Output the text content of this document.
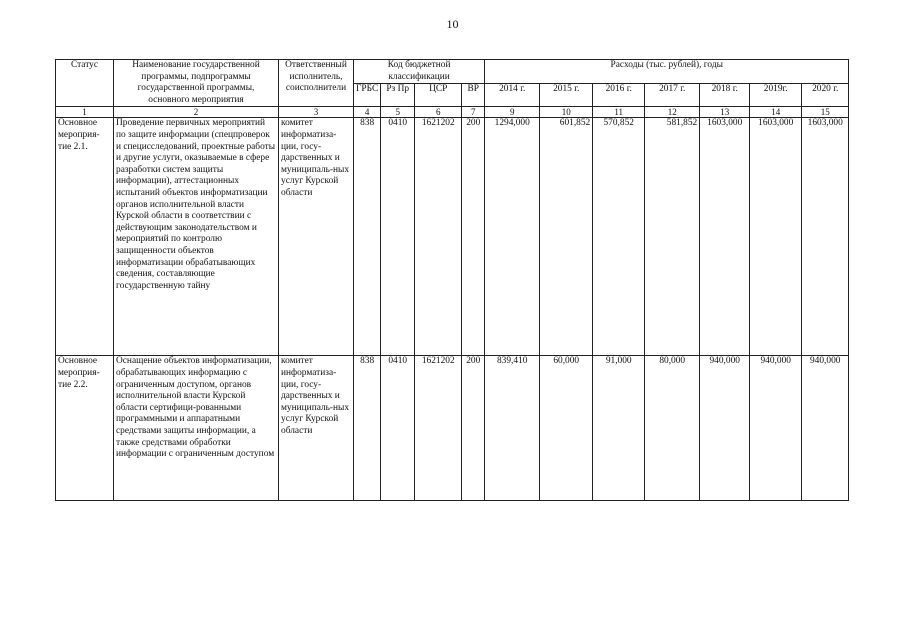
10
Статус	Наименование государственной программы, подпрограммы государственной программы, основного мероприятия	Ответственный исполнитель, соисполнители	Код бюджетной классификации				Расходы (тыс. рублей), годы						
			ГРБС	Рз Пр	ЦСР	ВР	2014 г.	2015 г.	2016 г.	2017 г.	2018 г.	2019г.	2020 г.
1	2	3	4	5	6	7	9	10	11	12	13	14	15
Основное мероприя-тие 2.1.	Проведение первичных мероприятий по защите информации (спецпроверок и специсследований, проектные работы и другие услуги, оказываемые в сфере разработки систем защиты информации), аттестационных испытаний объектов информатизации органов исполнительной власти Курской области в соответствии с действующим законодательством и мероприятий по контролю защищенности объектов информатизации обрабатывающих сведения, составляющие государственную тайну	комитет информатиза-ции, госу-дарственных и муниципаль-ных услуг Курской области	838	0410	1621202	200	1294,000	601,852	570,852	581,852	1603,000	1603,000	1603,000
Основное мероприя-тие 2.2.	Оснащение объектов информатизации, обрабатывающих информацию с ограниченным доступом, органов исполнительной власти Курской области сертифици-рованными программными и аппаратными средствами защиты информации, а также средствами обработки информации с ограниченным доступом	комитет информатиза-ции, госу-дарственных и муниципаль-ных услуг Курской области	838	0410	1621202	200	839,410	60,000	91,000	80,000	940,000	940,000	940,000
